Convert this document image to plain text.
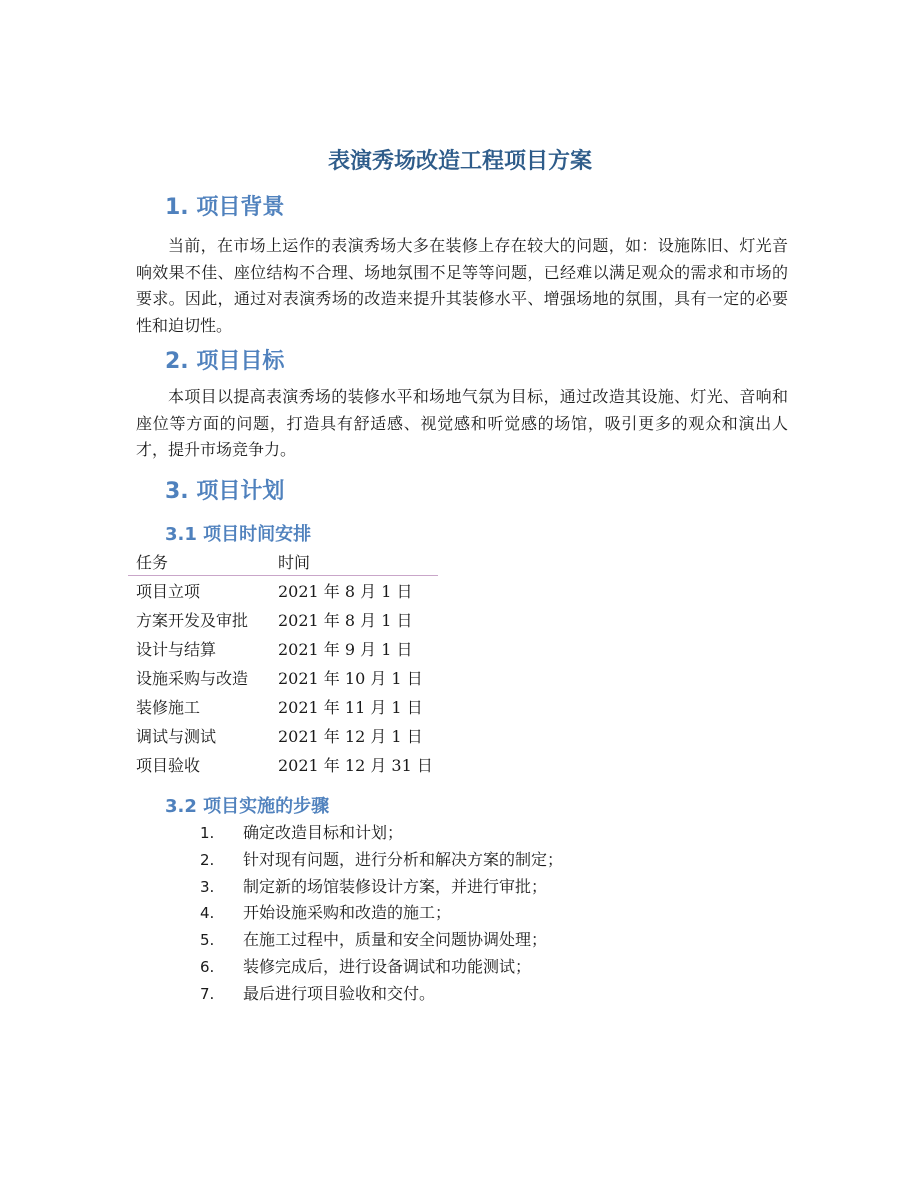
表演秀场改造工程项目方案
1. 项目背景
当前，在市场上运作的表演秀场大多在装修上存在较大的问题，如：设施陈旧、灯光音响效果不佳、座位结构不合理、场地氛围不足等等问题，已经难以满足观众的需求和市场的要求。因此，通过对表演秀场的改造来提升其装修水平、增强场地的氛围，具有一定的必要性和迫切性。
2. 项目目标
本项目以提高表演秀场的装修水平和场地气氛为目标，通过改造其设施、灯光、音响和座位等方面的问题，打造具有舒适感、视觉感和听觉感的场馆，吸引更多的观众和演出人才，提升市场竞争力。
3. 项目计划
3.1 项目时间安排
任务	时间
项目立项	2021 年 8 月 1 日
方案开发及审批	2021 年 8 月 1 日
设计与结算	2021 年 9 月 1 日
设施采购与改造	2021 年 10 月 1 日
装修施工	2021 年 11 月 1 日
调试与测试	2021 年 12 月 1 日
项目验收	2021 年 12 月 31 日
3.2 项目实施的步骤
1. 确定改造目标和计划；
2. 针对现有问题，进行分析和解决方案的制定；
3. 制定新的场馆装修设计方案，并进行审批；
4. 开始设施采购和改造的施工；
5. 在施工过程中，质量和安全问题协调处理；
6. 装修完成后，进行设备调试和功能测试；
7. 最后进行项目验收和交付。
